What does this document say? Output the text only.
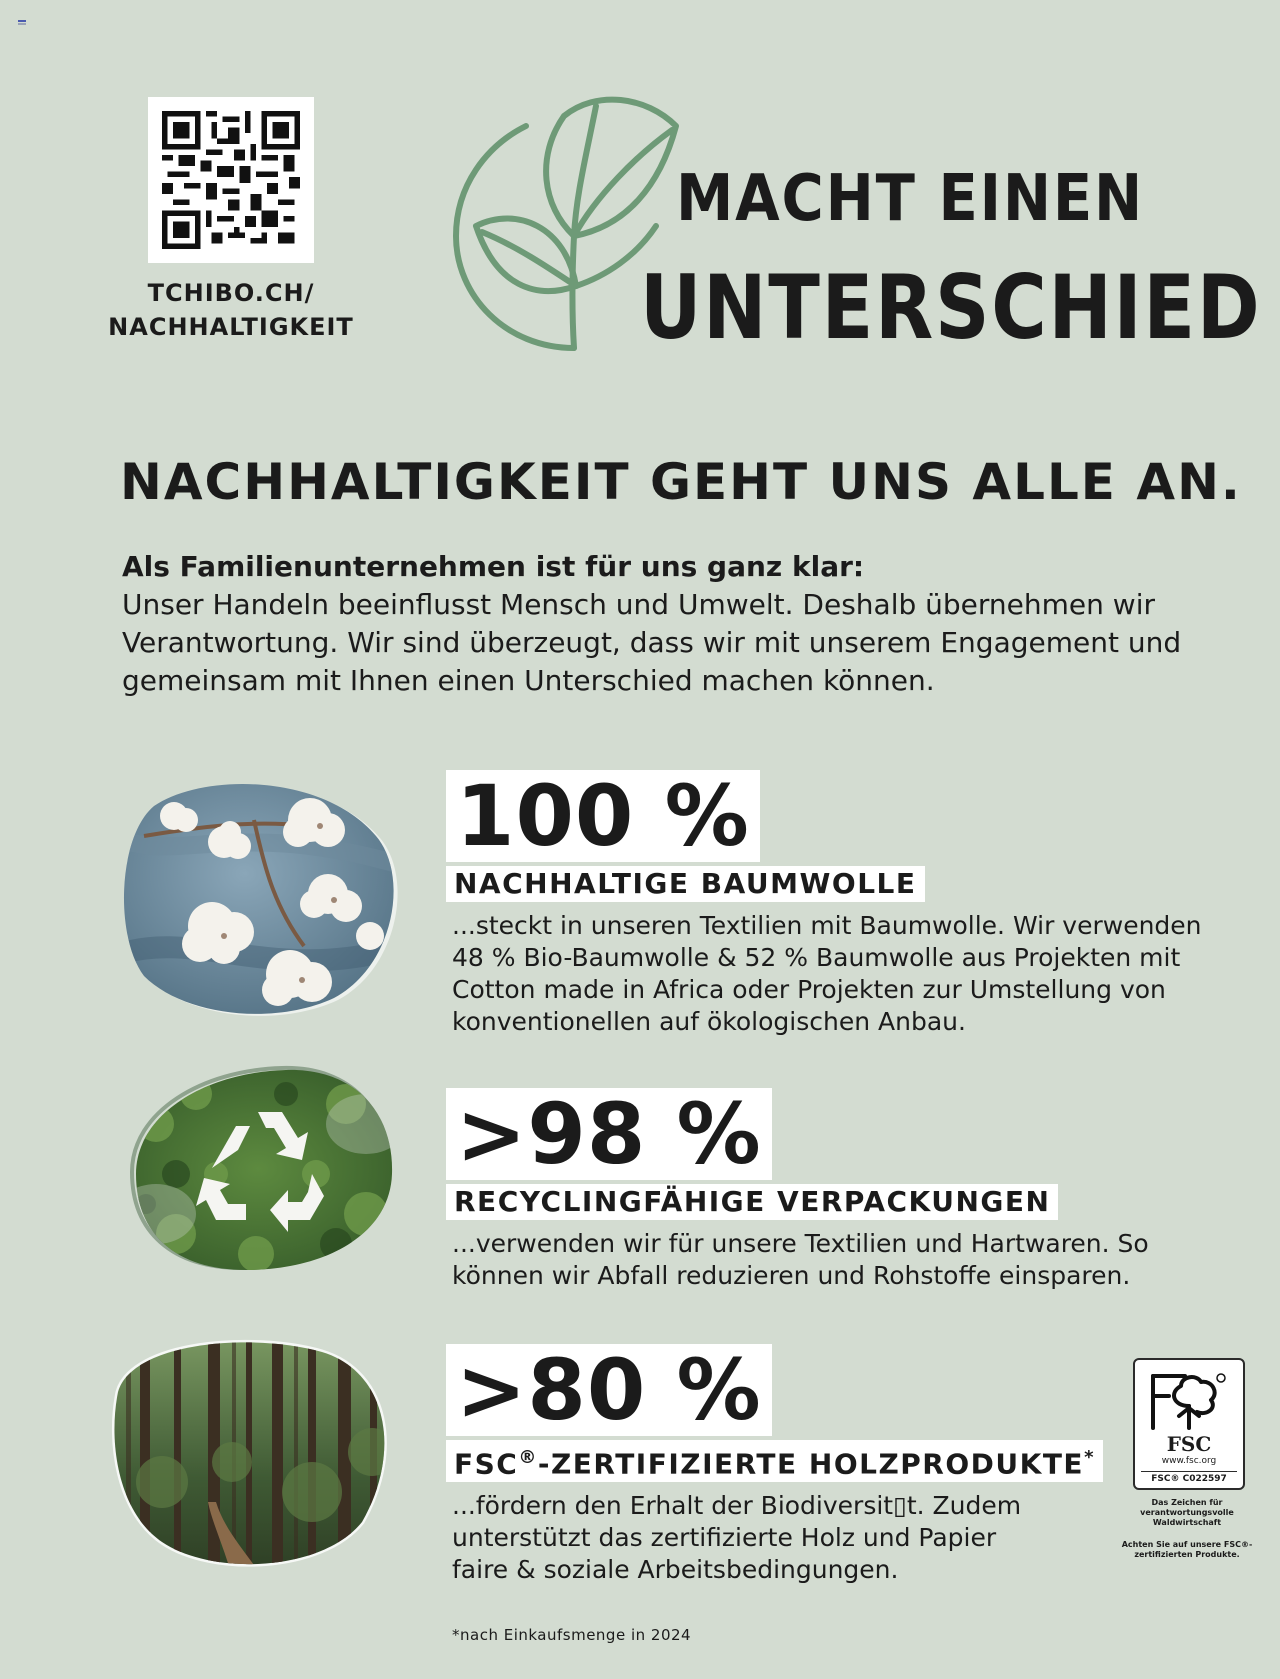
TCHIBO.CH/
NACHHALTIGKEIT
MACHT EINEN
UNTERSCHIED
NACHHALTIGKEIT GEHT UNS ALLE AN.
Als Familienunternehmen ist für uns ganz klar:
Unser Handeln beeinflusst Mensch und Umwelt. Deshalb übernehmen wir Verantwortung. Wir sind überzeugt, dass wir mit unserem Engagement und gemeinsam mit Ihnen einen Unterschied machen können.
100 %
NACHHALTIGE BAUMWOLLE
...steckt in unseren Textilien mit Baumwolle. Wir verwenden 48 % Bio-Baumwolle & 52 % Baumwolle aus Projekten mit Cotton made in Africa oder Projekten zur Umstellung von konventionellen auf ökologischen Anbau.
>98 %
RECYCLINGFÄHIGE VERPACKUNGEN
...verwenden wir für unsere Textilien und Hartwaren. So können wir Abfall reduzieren und Rohstoffe einsparen.
>80 %
FSC®-ZERTIFIZIERTE HOLZPRODUKTE*
...fördern den Erhalt der Biodiversit▯t. Zudem unterstützt das zertifizierte Holz und Papier faire & soziale Arbeitsbedingungen.
FSC
www.fsc.org
FSC® C022597
Das Zeichen für verantwortungsvolle Waldwirtschaft
Achten Sie auf unsere FSC®-zertifizierten Produkte.
*nach Einkaufsmenge in 2024
